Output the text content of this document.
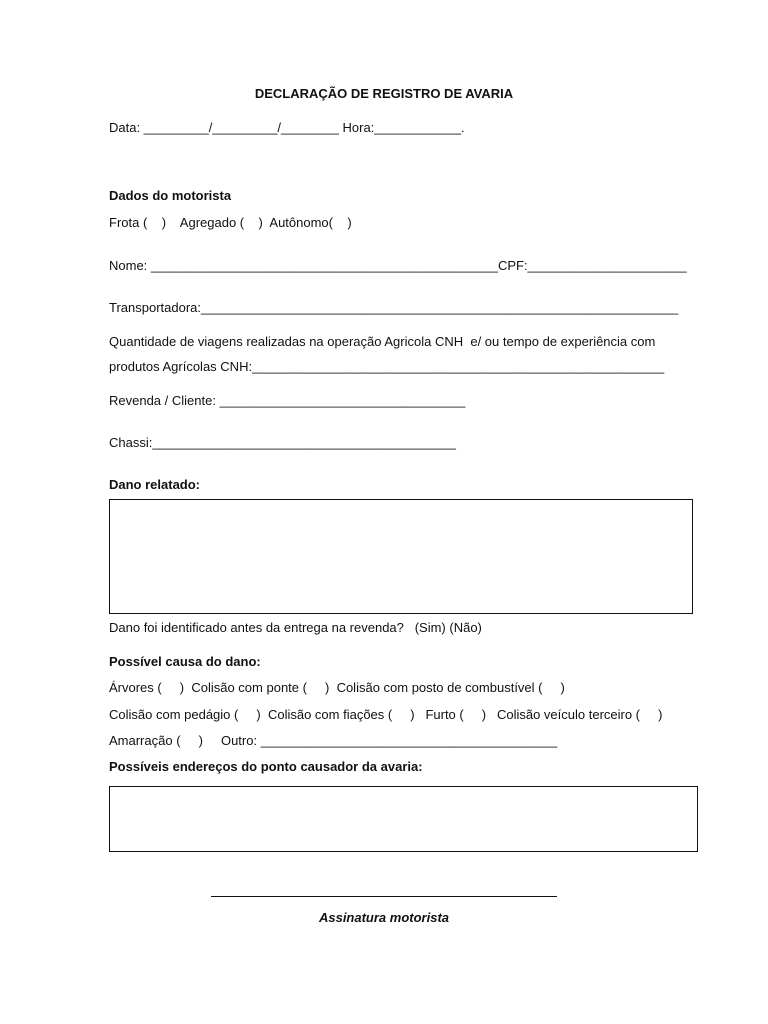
DECLARAÇÃO DE REGISTRO DE AVARIA
Data: _________/_________/________ Hora:____________.
Dados do motorista
Frota (    )    Agregado (    )  Autônomo(    )
Nome: ________________________________________________CPF:______________________
Transportadora:__________________________________________________________________
Quantidade de viagens realizadas na operação Agricola CNH  e/ ou tempo de experiência com
produtos Agrícolas CNH:_________________________________________________________
Revenda / Cliente: __________________________________
Chassi:__________________________________________
Dano relatado:
Dano foi identificado antes da entrega na revenda?   (Sim) (Não)
Possível causa do dano:
Árvores (     )  Colisão com ponte (     )  Colisão com posto de combustível (     )
Colisão com pedágio (     )  Colisão com fiações (     )   Furto (     )   Colisão veículo terceiro (     )
Amarração (     )     Outro: _________________________________________
Possíveis endereços do ponto causador da avaria:
Assinatura motorista
